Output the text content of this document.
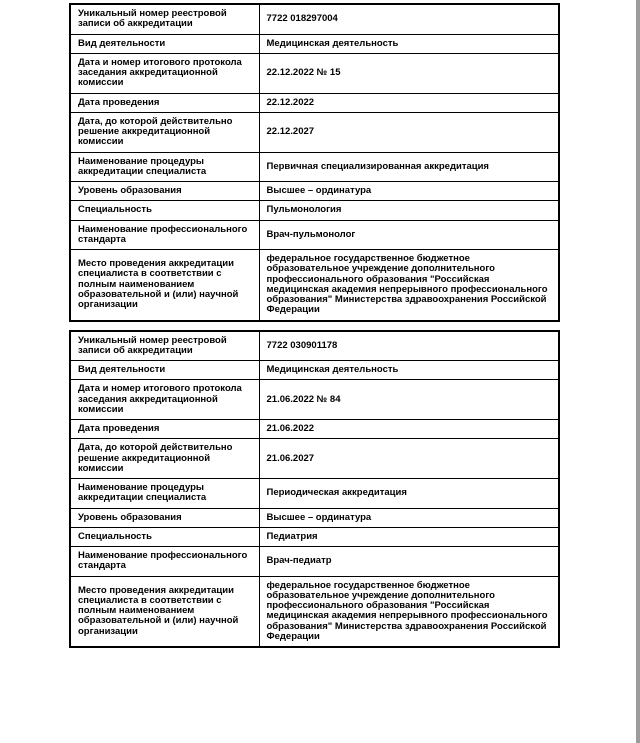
Уникальный номер реестровой записи об аккредитации	7722 018297004
Вид деятельности	Медицинская деятельность
Дата и номер итогового протокола заседания аккредитационной комиссии	22.12.2022 № 15
Дата проведения	22.12.2022
Дата, до которой действительно решение аккредитационной комиссии	22.12.2027
Наименование процедуры аккредитации специалиста	Первичная специализированная аккредитация
Уровень образования	Высшее – ординатура
Специальность	Пульмонология
Наименование профессионального стандарта	Врач-пульмонолог
Место проведения аккредитации специалиста в соответствии с полным наименованием образовательной и (или) научной организации	федеральное государственное бюджетное образовательное учреждение дополнительного профессионального образования "Российская медицинская академия непрерывного профессионального образования" Министерства здравоохранения Российской Федерации
Уникальный номер реестровой записи об аккредитации	7722 030901178
Вид деятельности	Медицинская деятельность
Дата и номер итогового протокола заседания аккредитационной комиссии	21.06.2022 № 84
Дата проведения	21.06.2022
Дата, до которой действительно решение аккредитационной комиссии	21.06.2027
Наименование процедуры аккредитации специалиста	Периодическая аккредитация
Уровень образования	Высшее – ординатура
Специальность	Педиатрия
Наименование профессионального стандарта	Врач-педиатр
Место проведения аккредитации специалиста в соответствии с полным наименованием образовательной и (или) научной организации	федеральное государственное бюджетное образовательное учреждение дополнительного профессионального образования "Российская медицинская академия непрерывного профессионального образования" Министерства здравоохранения Российской Федерации
